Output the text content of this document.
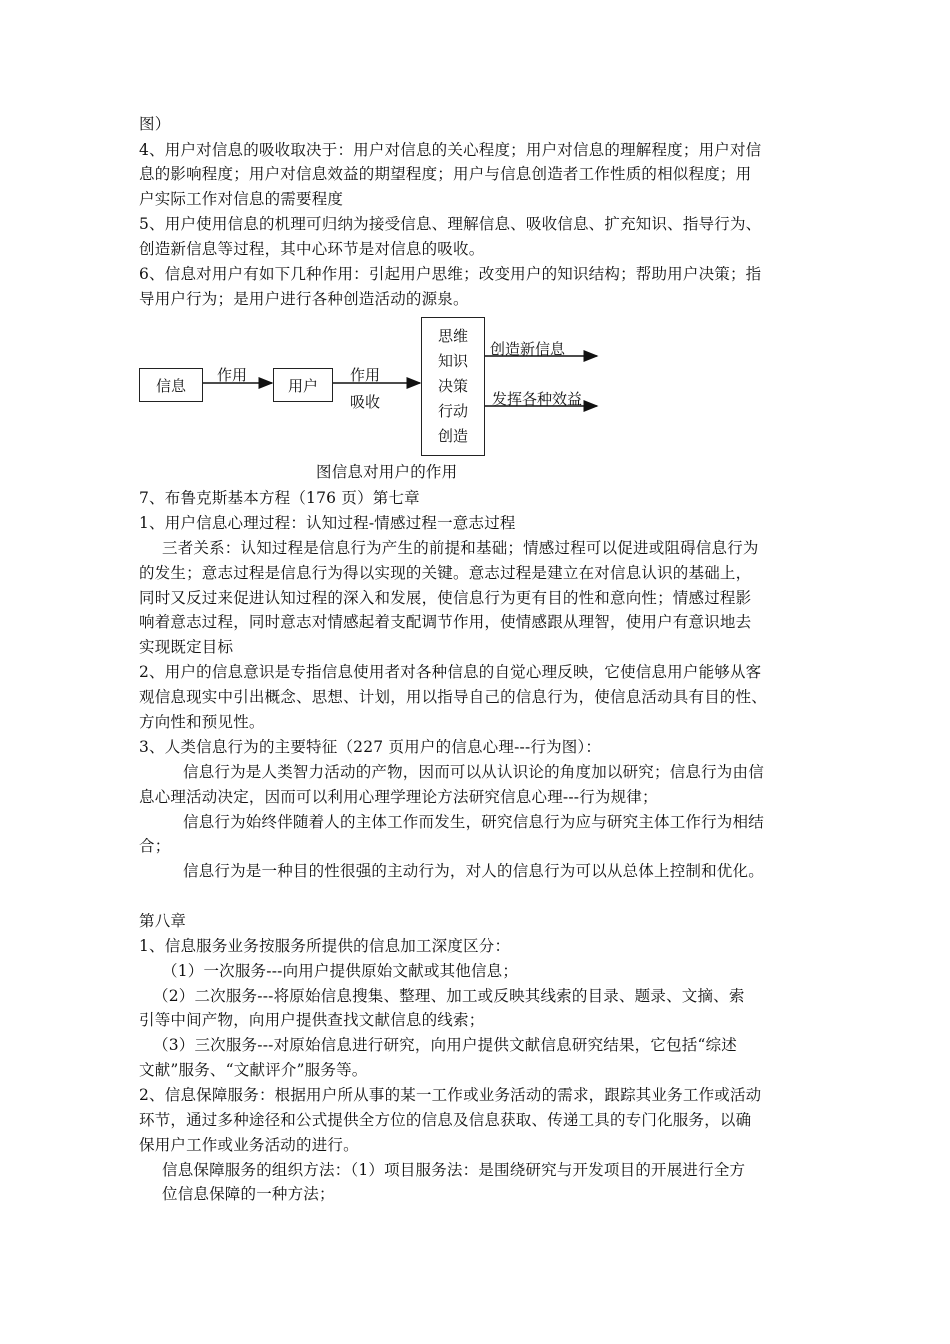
图）
4、用户对信息的吸收取决于：用户对信息的关心程度；用户对信息的理解程度；用户对信
息的影响程度；用户对信息效益的期望程度；用户与信息创造者工作性质的相似程度；用
户实际工作对信息的需要程度
5、用户使用信息的机理可归纳为接受信息、理解信息、吸收信息、扩充知识、指导行为、
创造新信息等过程，其中心环节是对信息的吸收。
6、信息对用户有如下几种作用：引起用户思维；改变用户的知识结构；帮助用户决策；指
导用户行为；是用户进行各种创造活动的源泉。
信息	用户
思维
知识
决策
行动
创造
作用	作用
吸收
创造新信息
发挥各种效益
图信息对用户的作用
7、布鲁克斯基本方程（176 页）第七章
1、用户信息心理过程：认知过程-情感过程一意志过程
三者关系：认知过程是信息行为产生的前提和基础；情感过程可以促进或阻碍信息行为
的发生；意志过程是信息行为得以实现的关键。意志过程是建立在对信息认识的基础上，
同时又反过来促进认知过程的深入和发展，使信息行为更有目的性和意向性；情感过程影
响着意志过程，同时意志对情感起着支配调节作用，使情感跟从理智，使用户有意识地去
实现既定目标
2、用户的信息意识是专指信息使用者对各种信息的自觉心理反映，它使信息用户能够从客
观信息现实中引出概念、思想、计划，用以指导自己的信息行为，使信息活动具有目的性、
方向性和预见性。
3、人类信息行为的主要特征（227 页用户的信息心理---行为图）：
信息行为是人类智力活动的产物，因而可以从认识论的角度加以研究；信息行为由信
息心理活动决定，因而可以利用心理学理论方法研究信息心理---行为规律；
信息行为始终伴随着人的主体工作而发生，研究信息行为应与研究主体工作行为相结
合；
信息行为是一种目的性很强的主动行为，对人的信息行为可以从总体上控制和优化。
第八章
1、信息服务业务按服务所提供的信息加工深度区分：
（1）一次服务---向用户提供原始文献或其他信息；
（2）二次服务---将原始信息搜集、整理、加工或反映其线索的目录、题录、文摘、索
引等中间产物，向用户提供查找文献信息的线索；
（3）三次服务---对原始信息进行研究，向用户提供文献信息研究结果，它包括“综述
文献”服务、“文献评介”服务等。
2、信息保障服务：根据用户所从事的某一工作或业务活动的需求，跟踪其业务工作或活动
环节，通过多种途径和公式提供全方位的信息及信息获取、传递工具的专门化服务，以确
保用户工作或业务活动的进行。
信息保障服务的组织方法：（1）项目服务法：是围绕研究与开发项目的开展进行全方
位信息保障的一种方法；
